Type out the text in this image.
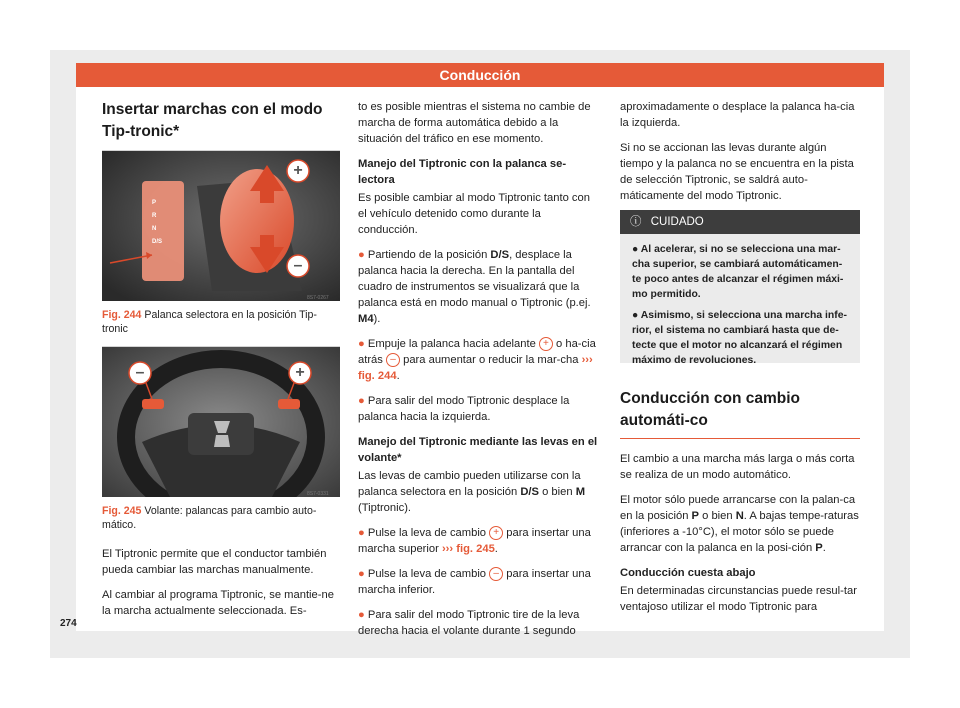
Conducción
Insertar marchas con el modo Tip-tronic*
P
R
N
D/S
+
–
8S7-0267
Fig. 244 Palanca selectora en la posición Tip-tronic
–	+
8S7-0331
Fig. 245 Volante: palancas para cambio auto-mático.

El Tiptronic permite que el conductor también pueda cambiar las marchas manualmente.

Al cambiar al programa Tiptronic, se mantie-ne la marcha actualmente seleccionada. Es-

to es posible mientras el sistema no cambie de marcha de forma automática debido a la situación del tráfico en ese momento.

Manejo del Tiptronic con la palanca se-lectora

Es posible cambiar al modo Tiptronic tanto con el vehículo detenido como durante la conducción.

● Partiendo de la posición D/S, desplace la palanca hacia la derecha. En la pantalla del cuadro de instrumentos se visualizará que la palanca está en modo manual o Tiptronic (p.ej. M4).

● Empuje la palanca hacia adelante + o ha-cia atrás – para aumentar o reducir la mar-cha ››› fig. 244.

● Para salir del modo Tiptronic desplace la palanca hacia la izquierda.

Manejo del Tiptronic mediante las levas en el volante*

Las levas de cambio pueden utilizarse con la palanca selectora en la posición D/S o bien M (Tiptronic).

● Pulse la leva de cambio + para insertar una marcha superior ››› fig. 245.

● Pulse la leva de cambio – para insertar una marcha inferior.

● Para salir del modo Tiptronic tire de la leva derecha hacia el volante durante 1 segundo

aproximadamente o desplace la palanca ha-cia la izquierda.

Si no se accionan las levas durante algún tiempo y la palanca no se encuentra en la pista de selección Tiptronic, se saldrá auto-máticamente del modo Tiptronic.

ⓘ CUIDADO

● Al acelerar, si no se selecciona una mar-cha superior, se cambiará automáticamen-te poco antes de alcanzar el régimen máxi-mo permitido.

● Asimismo, si selecciona una marcha infe-rior, el sistema no cambiará hasta que de-tecte que el motor no alcanzará el régimen máximo de revoluciones.

Conducción con cambio automáti-co

El cambio a una marcha más larga o más corta se realiza de un modo automático.

El motor sólo puede arrancarse con la palan-ca en la posición P o bien N. A bajas tempe-raturas (inferiores a -10°C), el motor sólo se puede arrancar con la palanca en la posi-ción P.

Conducción cuesta abajo

En determinadas circunstancias puede resul-tar ventajoso utilizar el modo Tiptronic para

274
